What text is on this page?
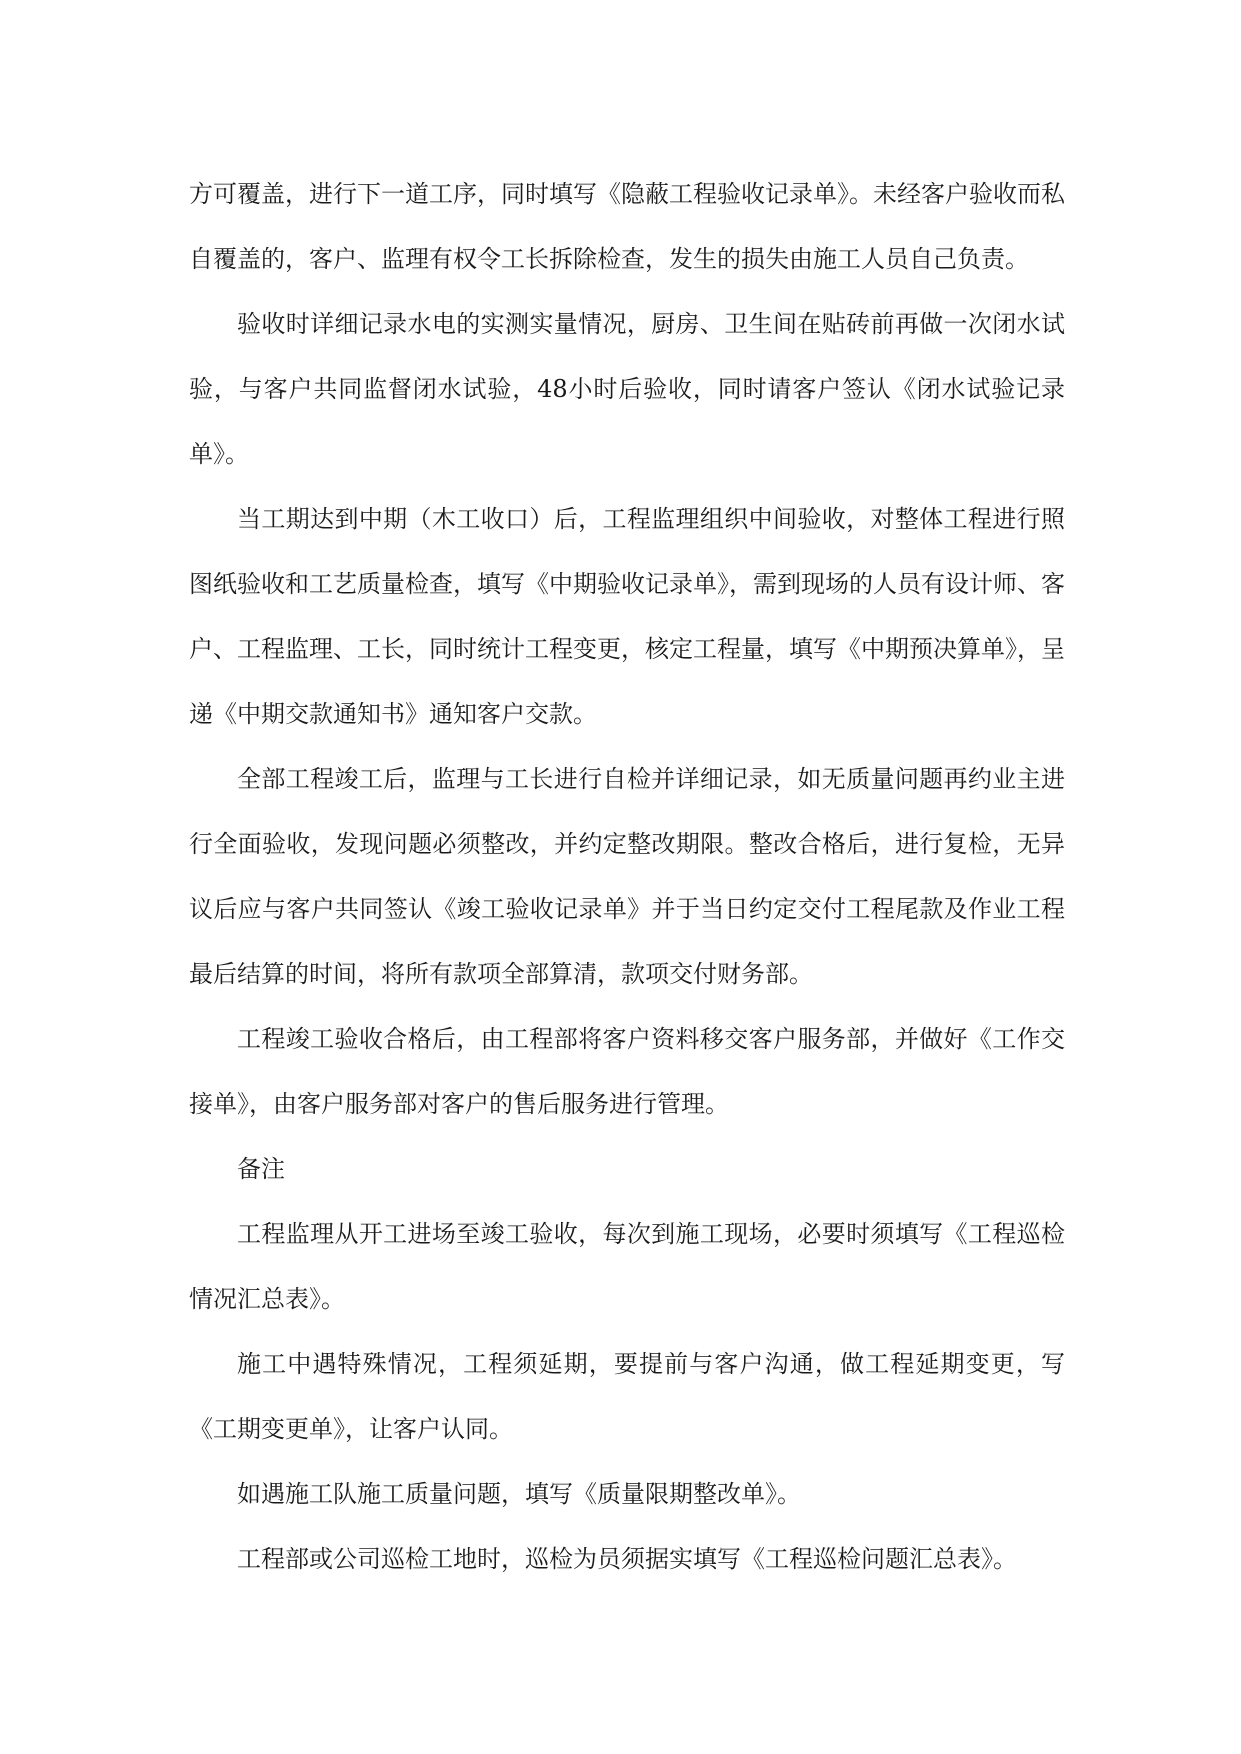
方可覆盖，进行下一道工序，同时填写《隐蔽工程验收记录单》。未经客户验收而私自覆盖的，客户、监理有权令工长拆除检查，发生的损失由施工人员自己负责。

验收时详细记录水电的实测实量情况，厨房、卫生间在贴砖前再做一次闭水试验，与客户共同监督闭水试验，48小时后验收，同时请客户签认《闭水试验记录单》。

当工期达到中期（木工收口）后，工程监理组织中间验收，对整体工程进行照图纸验收和工艺质量检查，填写《中期验收记录单》，需到现场的人员有设计师、客户、工程监理、工长，同时统计工程变更，核定工程量，填写《中期预决算单》，呈递《中期交款通知书》通知客户交款。

全部工程竣工后，监理与工长进行自检并详细记录，如无质量问题再约业主进行全面验收，发现问题必须整改，并约定整改期限。整改合格后，进行复检，无异议后应与客户共同签认《竣工验收记录单》并于当日约定交付工程尾款及作业工程最后结算的时间，将所有款项全部算清，款项交付财务部。

工程竣工验收合格后，由工程部将客户资料移交客户服务部，并做好《工作交接单》，由客户服务部对客户的售后服务进行管理。

备注

工程监理从开工进场至竣工验收，每次到施工现场，必要时须填写《工程巡检情况汇总表》。

施工中遇特殊情况，工程须延期，要提前与客户沟通，做工程延期变更，写《工期变更单》，让客户认同。

如遇施工队施工质量问题，填写《质量限期整改单》。

工程部或公司巡检工地时，巡检为员须据实填写《工程巡检问题汇总表》。
